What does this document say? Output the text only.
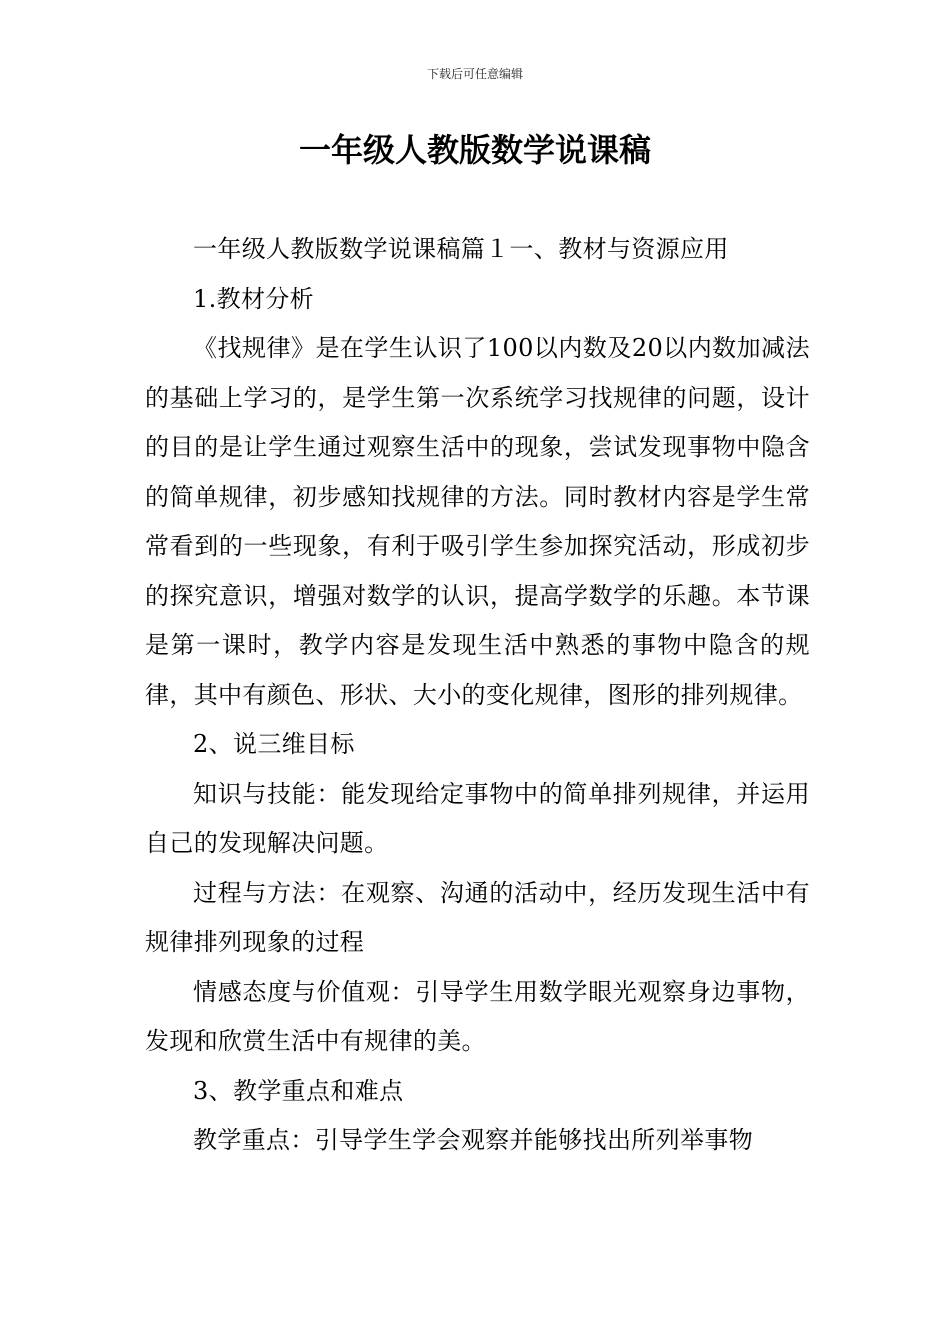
下载后可任意编辑
一年级人教版数学说课稿

一年级人教版数学说课稿篇１一、教材与资源应用

1.教材分析

《找规律》是在学生认识了100以内数及20以内数加减法的基础上学习的，是学生第一次系统学习找规律的问题，设计的目的是让学生通过观察生活中的现象，尝试发现事物中隐含的简单规律，初步感知找规律的方法。同时教材内容是学生常常看到的一些现象，有利于吸引学生参加探究活动，形成初步的探究意识，增强对数学的认识，提高学数学的乐趣。本节课是第一课时，教学内容是发现生活中熟悉的事物中隐含的规律，其中有颜色、形状、大小的变化规律，图形的排列规律。

2、说三维目标

知识与技能：能发现给定事物中的简单排列规律，并运用自己的发现解决问题。

过程与方法：在观察、沟通的活动中，经历发现生活中有规律排列现象的过程

情感态度与价值观：引导学生用数学眼光观察身边事物，发现和欣赏生活中有规律的美。

3、教学重点和难点

教学重点：引导学生学会观察并能够找出所列举事物
